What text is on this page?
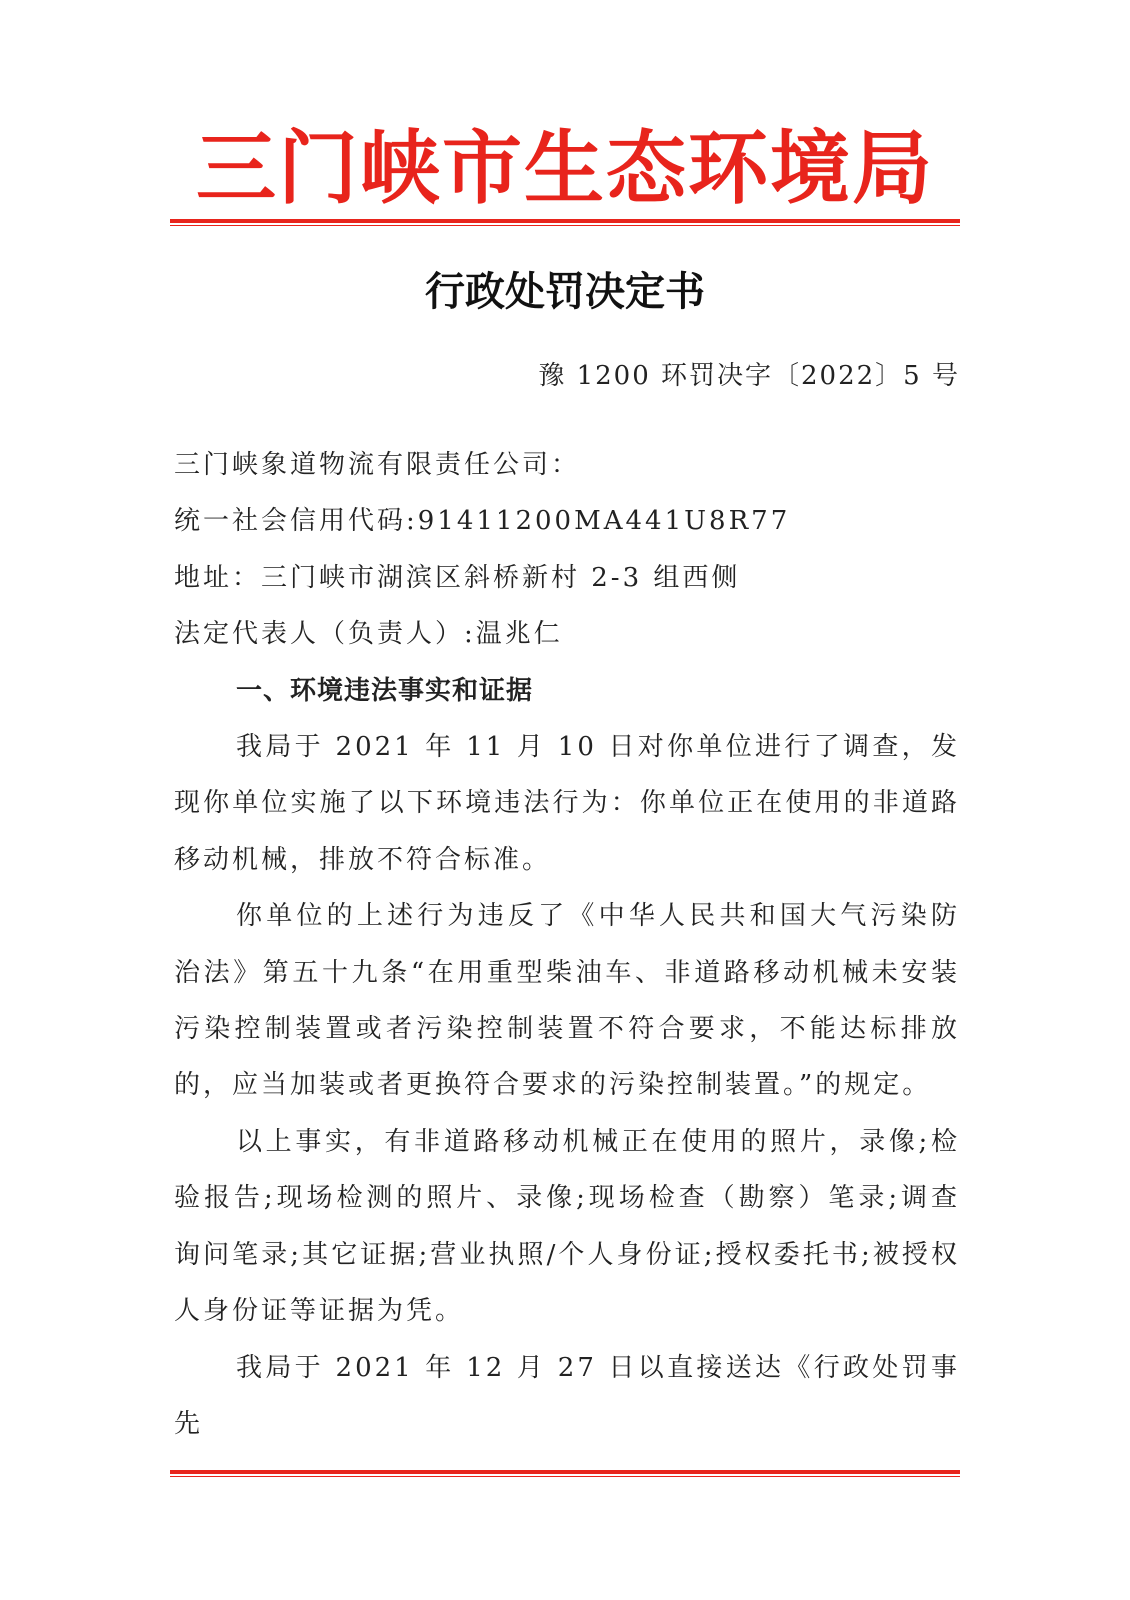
三门峡市生态环境局
行政处罚决定书
豫 1200 环罚决字〔2022〕5 号

三门峡象道物流有限责任公司：

统一社会信用代码:91411200MA441U8R77

地址：三门峡市湖滨区斜桥新村 2-3 组西侧

法定代表人（负责人）:温兆仁

一、环境违法事实和证据

我局于 2021 年 11 月 10 日对你单位进行了调查，发现你单位实施了以下环境违法行为：你单位正在使用的非道路移动机械，排放不符合标准。

你单位的上述行为违反了《中华人民共和国大气污染防治法》第五十九条“在用重型柴油车、非道路移动机械未安装污染控制装置或者污染控制装置不符合要求，不能达标排放的，应当加装或者更换符合要求的污染控制装置。”的规定。

以上事实，有非道路移动机械正在使用的照片，录像;检验报告;现场检测的照片、录像;现场检查（勘察）笔录;调查询问笔录;其它证据;营业执照/个人身份证;授权委托书;被授权人身份证等证据为凭。

我局于 2021 年 12 月 27 日以直接送达《行政处罚事先
